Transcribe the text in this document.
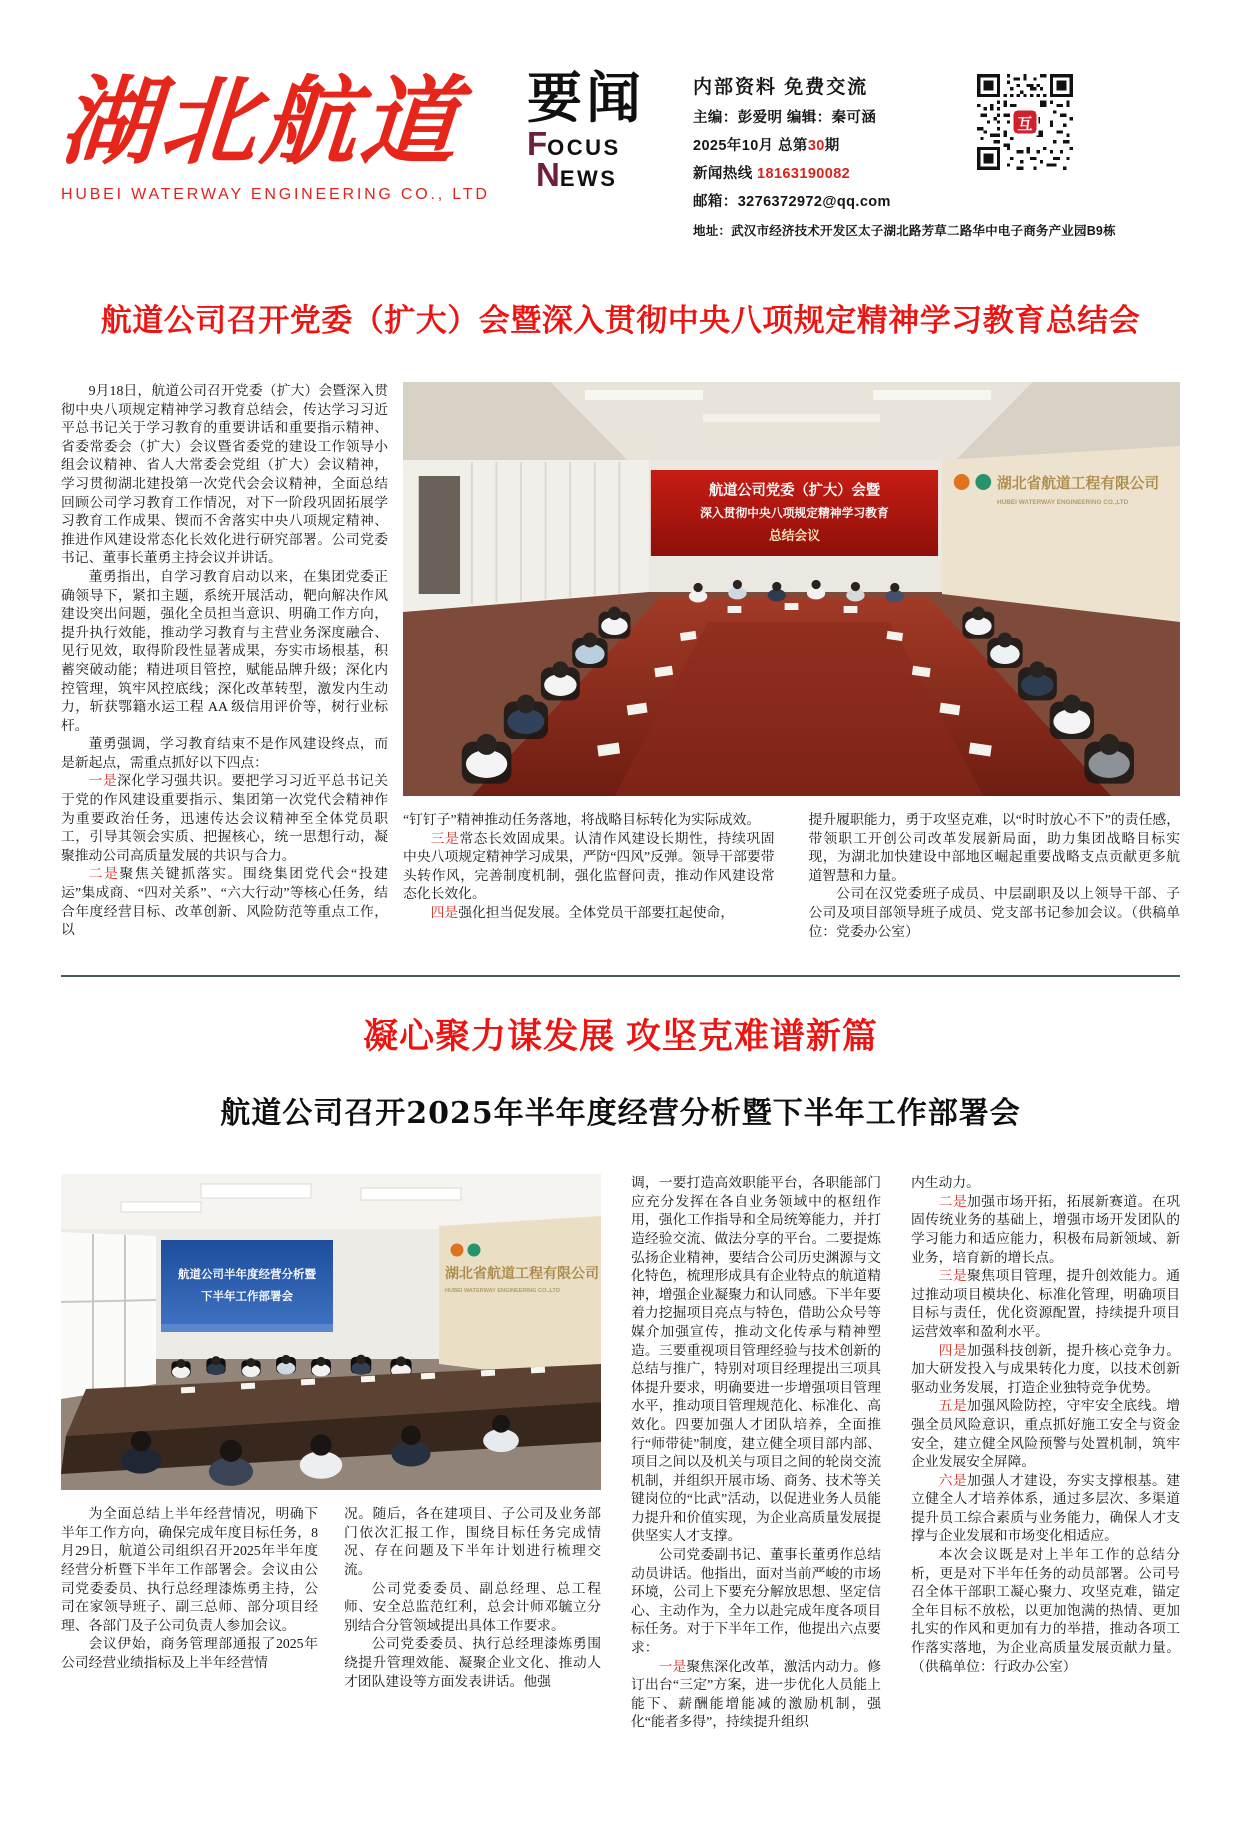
湖北航道
HUBEI WATERWAY ENGINEERING CO., LTD
要闻
FOCUS
NEWS
内部资料 免费交流
主编：彭爱明 编辑：秦可涵
2025年10月 总第30期
新闻热线 18163190082
邮箱：3276372972@qq.com
互
地址：武汉市经济技术开发区太子湖北路芳草二路华中电子商务产业园B9栋
航道公司召开党委（扩大）会暨深入贯彻中央八项规定精神学习教育总结会

9月18日，航道公司召开党委（扩大）会暨深入贯彻中央八项规定精神学习教育总结会，传达学习习近平总书记关于学习教育的重要讲话和重要指示精神、省委常委会（扩大）会议暨省委党的建设工作领导小组会议精神、省人大常委会党组（扩大）会议精神，学习贯彻湖北建投第一次党代会会议精神，全面总结回顾公司学习教育工作情况，对下一阶段巩固拓展学习教育工作成果、锲而不舍落实中央八项规定精神、推进作风建设常态化长效化进行研究部署。公司党委书记、董事长董勇主持会议并讲话。

董勇指出，自学习教育启动以来，在集团党委正确领导下，紧扣主题，系统开展活动，靶向解决作风建设突出问题，强化全员担当意识、明确工作方向，提升执行效能，推动学习教育与主营业务深度融合、见行见效，取得阶段性显著成果，夯实市场根基，积蓄突破动能；精进项目管控，赋能品牌升级；深化内控管理，筑牢风控底线；深化改革转型，激发内生动力，斩获鄂籍水运工程 AA 级信用评价等，树行业标杆。

董勇强调，学习教育结束不是作风建设终点，而是新起点，需重点抓好以下四点：

一是深化学习强共识。要把学习习近平总书记关于党的作风建设重要指示、集团第一次党代会精神作为重要政治任务，迅速传达会议精神至全体党员职工，引导其领会实质、把握核心，统一思想行动，凝聚推动公司高质量发展的共识与合力。

二是聚焦关键抓落实。围绕集团党代会“投建运”集成商、“四对关系”、“六大行动”等核心任务，结合年度经营目标、改革创新、风险防范等重点工作，以

航道公司党委（扩大）会暨
深入贯彻中央八项规定精神学习教育
总结会议
湖北省航道工程有限公司
HUBEI WATERWAY ENGINEERING CO.,LTD

“钉钉子”精神推动任务落地，将战略目标转化为实际成效。

三是常态长效固成果。认清作风建设长期性，持续巩固中央八项规定精神学习成果，严防“四风”反弹。领导干部要带头转作风，完善制度机制，强化监督问责，推动作风建设常态化长效化。

四是强化担当促发展。全体党员干部要扛起使命，

提升履职能力，勇于攻坚克难，以“时时放心不下”的责任感，带领职工开创公司改革发展新局面，助力集团战略目标实现，为湖北加快建设中部地区崛起重要战略支点贡献更多航道智慧和力量。

公司在汉党委班子成员、中层副职及以上领导干部、子公司及项目部领导班子成员、党支部书记参加会议。（供稿单位：党委办公室）

凝心聚力谋发展 攻坚克难谱新篇
航道公司召开2025年半年度经营分析暨下半年工作部署会
航道公司半年度经营分析暨
下半年工作部署会
湖北省航道工程有限公司
HUBEI WATERWAY ENGINEERING CO.,LTD

为全面总结上半年经营情况，明确下半年工作方向，确保完成年度目标任务，8月29日，航道公司组织召开2025年半年度经营分析暨下半年工作部署会。会议由公司党委委员、执行总经理漆炼勇主持，公司在家领导班子、副三总师、部分项目经理、各部门及子公司负责人参加会议。

会议伊始，商务管理部通报了2025年公司经营业绩指标及上半年经营情

况。随后，各在建项目、子公司及业务部门依次汇报工作，围绕目标任务完成情况、存在问题及下半年计划进行梳理交流。

公司党委委员、副总经理、总工程师、安全总监范红利，总会计师邓毓立分别结合分管领域提出具体工作要求。

公司党委委员、执行总经理漆炼勇围绕提升管理效能、凝聚企业文化、推动人才团队建设等方面发表讲话。他强

调，一要打造高效职能平台，各职能部门应充分发挥在各自业务领域中的枢纽作用，强化工作指导和全局统筹能力，并打造经验交流、做法分享的平台。二要提炼弘扬企业精神，要结合公司历史渊源与文化特色，梳理形成具有企业特点的航道精神，增强企业凝聚力和认同感。下半年要着力挖掘项目亮点与特色，借助公众号等媒介加强宣传，推动文化传承与精神塑造。三要重视项目管理经验与技术创新的总结与推广，特别对项目经理提出三项具体提升要求，明确要进一步增强项目管理水平，推动项目管理规范化、标准化、高效化。四要加强人才团队培养，全面推行“师带徒”制度，建立健全项目部内部、项目之间以及机关与项目之间的轮岗交流机制，并组织开展市场、商务、技术等关键岗位的“比武”活动，以促进业务人员能力提升和价值实现，为企业高质量发展提供坚实人才支撑。

公司党委副书记、董事长董勇作总结动员讲话。他指出，面对当前严峻的市场环境，公司上下要充分解放思想、坚定信心、主动作为，全力以赴完成年度各项目标任务。对于下半年工作，他提出六点要求：

一是聚焦深化改革，激活内动力。修订出台“三定”方案，进一步优化人员能上能下、薪酬能增能减的激励机制，强化“能者多得”，持续提升组织

内生动力。

二是加强市场开拓，拓展新赛道。在巩固传统业务的基础上，增强市场开发团队的学习能力和适应能力，积极布局新领域、新业务，培育新的增长点。

三是聚焦项目管理，提升创效能力。通过推动项目模块化、标准化管理，明确项目目标与责任，优化资源配置，持续提升项目运营效率和盈利水平。

四是加强科技创新，提升核心竞争力。加大研发投入与成果转化力度，以技术创新驱动业务发展，打造企业独特竞争优势。

五是加强风险防控，守牢安全底线。增强全员风险意识，重点抓好施工安全与资金安全，建立健全风险预警与处置机制，筑牢企业发展安全屏障。

六是加强人才建设，夯实支撑根基。建立健全人才培养体系，通过多层次、多渠道提升员工综合素质与业务能力，确保人才支撑与企业发展和市场变化相适应。

本次会议既是对上半年工作的总结分析，更是对下半年任务的动员部署。公司号召全体干部职工凝心聚力、攻坚克难，锚定全年目标不放松，以更加饱满的热情、更加扎实的作风和更加有力的举措，推动各项工作落实落地，为企业高质量发展贡献力量。（供稿单位：行政办公室）
